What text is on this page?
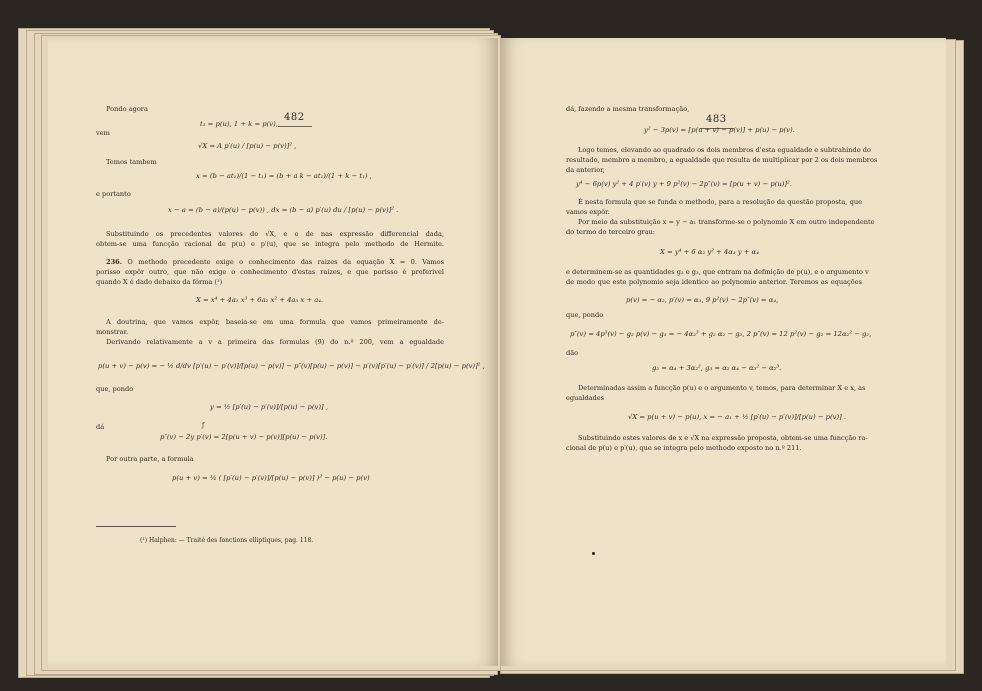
482	483
Pondo agora
t₁ = p(u), 1 + k = p(v),
vem
√X = A p′(u) / [p(u) − p(v)]² ,
Temos tambem
x = (b − at₁)/(1 − t₁) = (b + a k − at₁)/(1 + k − t₁) ,
e portanto
x − a = (b − a)/(p(u) − p(v)) , dx = (b − a) p′(u) du / [p(u) − p(v)]² .
Substituindo os precedentes valores de √X, e e de nas expressão differencial dada,
obtem-se uma funcção racional de p(u) e p′(u), que se integra pelo methodo de Hermite.
236. O methodo precedente exige o conhecimento das raizes da equação X = 0. Vamos
porisso expôr outro, que não exige o conhecimento d'estas raizes, e que porisso é preferivel
quando X é dado debaixo da fórma (¹)
X = x⁴ + 4a₁ x³ + 6a₂ x² + 4a₃ x + a₄.
A doutrina, que vamos expôr, baseia-se em uma formula que vamos primeiramente de-
monstrar.
Derivando relativamente a v a primeira das formulas (9) do n.º 200, vem a egualdade
p(u + v) − p(v) = − ½ d/dv [p′(u) − p′(v)]/[p(u) − p(v)] − p″(v)[p(u) − p(v)] − p′(v)[p′(u) − p′(v)] / 2[p(u) − p(v)]² ,
que, pondo
y = ½ [p′(u) − p′(v)]/[p(u) − p(v)] ,
dá
p″(v) − 2y p′(v) = 2[p(u + v) − p(v)][p(u) − p(v)].
Por outra parte, a formula
p(u + v) = ¼ ( [p′(u) − p′(v)]/[p(u) − p(v)] )² − p(u) − p(v)
dá, fazendo a mesma transformação,
y² − 3p(v) = [p(u + v) − p(v)] + p(u) − p(v).
Logo temos, elevando ao quadrado os dois membros d'esta egualdade e subtrahindo do
resultado, membro a membro, a egualdade que resulta de multiplicar por 2 os dois membros
da anterior,
y⁴ − 6p(v) y² + 4 p′(v) y + 9 p²(v) − 2p″(v) = [p(u + v) − p(u)]².
É nesta formula que se funda o methodo, para a resolução da questão proposta, que
vamos expôr.
Por meio da substituição x = y − a₁ transforme-se o polynomio X em outro independente
do termo do terceiro grau:
X = y⁴ + 6 α₂ y² + 4α₃ y + α₄
e determinem-se as quantidades g₂ e g₃, que entram na definição de p(u), e o argumento v
de modo que este polynomio seja identico ao polynomio anterior. Teremos as equações
p(v) = − α₂, p′(v) = α₃, 9 p²(v) − 2p″(v) = α₄,
que, pondo
p″(v) = 4p³(v) − g₂ p(v) − g₃ = − 4α₂³ + g₂ α₂ − g₃, 2 p″(v) = 12 p²(v) − g₂ = 12α₂² − g₂,
dão
g₂ = α₄ + 3α₂², g₃ = α₂ α₄ − α₃² − α₂³.
Determinadas assim a funcção p(u) e o argumento v, temos, para determinar X e x, as
egualdades
√X = p(u + v) − p(u), x = − a₁ + ½ [p′(u) − p′(v)]/[p(u) − p(v)] .
Substituindo estes valores de x e √X na expressão proposta, obtem-se uma funcção ra-
cional de p(u) e p′(u), que se integra pelo methodo exposto no n.º 211.
(¹) Halphen: — Traité des fonctions elliptiques, pag. 118.
ƒ
